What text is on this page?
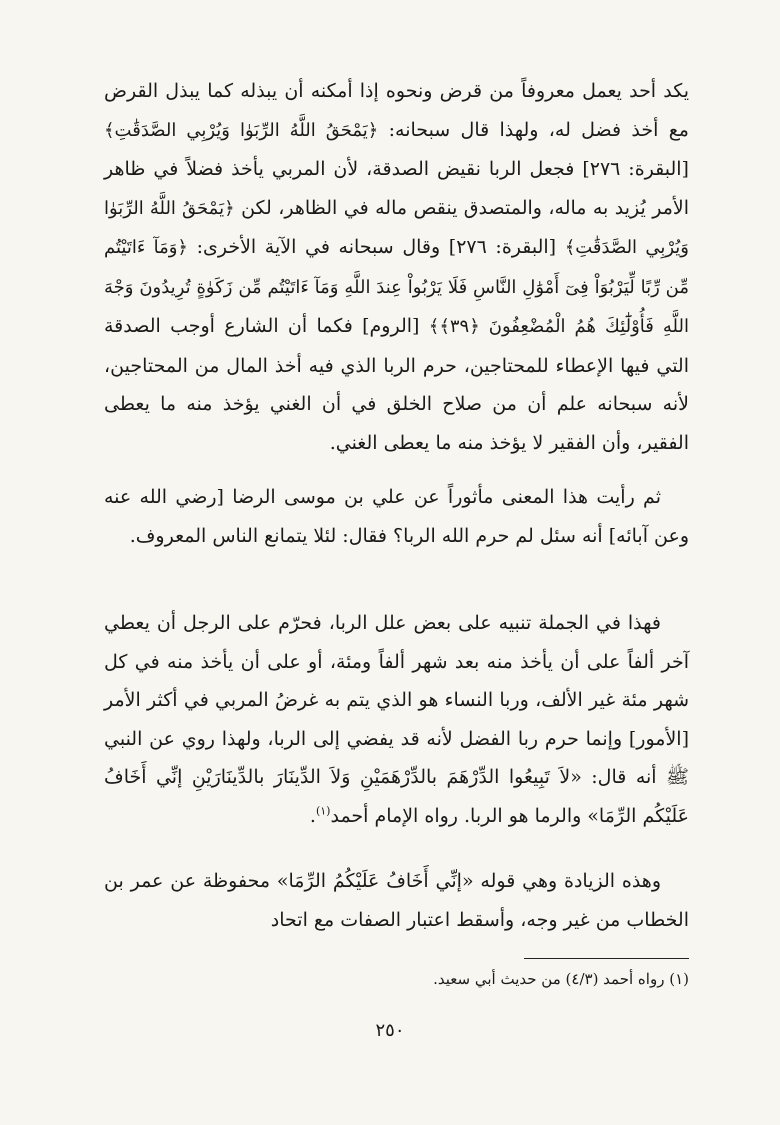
يكد أحد يعمل معروفاً من قرض ونحوه إذا أمكنه أن يبذله كما يبذل القرض مع أخذ فضل له، ولهذا قال سبحانه: ﴿يَمْحَقُ اللَّهُ الرِّبَوٰا وَيُرْبِي الصَّدَقَٰتِ﴾ [البقرة: ٢٧٦] فجعل الربا نقيض الصدقة، لأن المربي يأخذ فضلاً في ظاهر الأمر يُزيد به ماله، والمتصدق ينقص ماله في الظاهر، لكن ﴿يَمْحَقُ اللَّهُ الرِّبَوٰا وَيُرْبِي الصَّدَقَٰتِ﴾ [البقرة: ٢٧٦] وقال سبحانه في الآية الأخرى: ﴿وَمَآ ءَاتَيْتُم مِّن رِّبًا لِّيَرْبُوَاْ فِىٓ أَمْوَٰلِ النَّاسِ فَلَا يَرْبُواْ عِندَ اللَّهِ وَمَآ ءَاتَيْتُم مِّن زَكَوٰةٍ تُرِيدُونَ وَجْهَ اللَّهِ فَأُوْلَٰٓئِكَ هُمُ الْمُضْعِفُونَ ﴿٣٩﴾﴾ [الروم] فكما أن الشارع أوجب الصدقة التي فيها الإعطاء للمحتاجين، حرم الربا الذي فيه أخذ المال من المحتاجين، لأنه سبحانه علم أن من صلاح الخلق في أن الغني يؤخذ منه ما يعطى الفقير، وأن الفقير لا يؤخذ منه ما يعطى الغني.
ثم رأيت هذا المعنى مأثوراً عن علي بن موسى الرضا [رضي الله عنه وعن آبائه] أنه سئل لم حرم الله الربا؟ فقال: لئلا يتمانع الناس المعروف.
فهذا في الجملة تنبيه على بعض علل الربا، فحرّم على الرجل أن يعطي آخر ألفاً على أن يأخذ منه بعد شهر ألفاً ومئة، أو على أن يأخذ منه في كل شهر مئة غير الألف، وربا النساء هو الذي يتم به غرضُ المربي في أكثر الأمر [الأمور] وإنما حرم ربا الفضل لأنه قد يفضي إلى الربا، ولهذا روي عن النبي ﷺ أنه قال: «لاَ تَبِيعُوا الدِّرْهَمَ بالدِّرْهَمَيْنِ وَلاَ الدِّينَارَ بالدِّينَارَيْنِ إنِّي أَخَافُ عَلَيْكُم الرِّمَا» والرما هو الربا. رواه الإمام أحمد$^{(١)}$.
وهذه الزيادة وهي قوله «إنِّي أَخَافُ عَلَيْكُمُ الرِّمَا» محفوظة عن عمر بن الخطاب من غير وجه، وأسقط اعتبار الصفات مع اتحاد
(١) رواه أحمد (٤/٣) من حديث أبي سعيد.
٢٥٠
